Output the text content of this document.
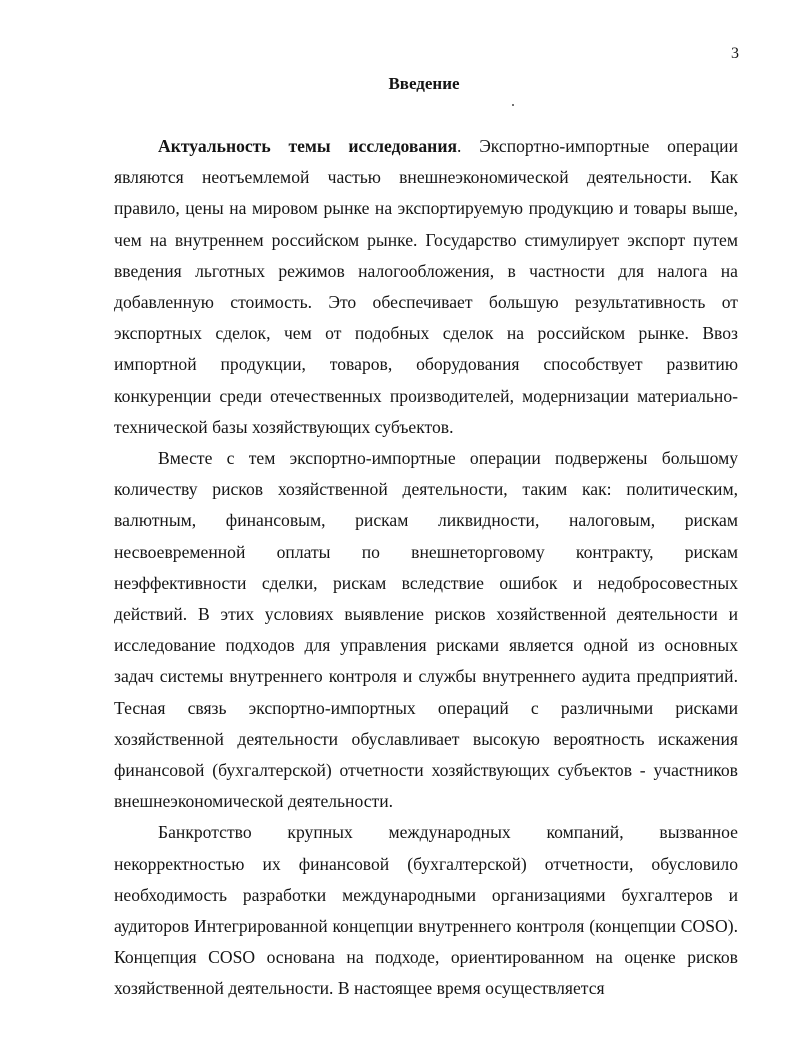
3
Введение

Актуальность темы исследования. Экспортно-импортные операции являются неотъемлемой частью внешнеэкономической деятельности. Как правило, цены на мировом рынке на экспортируемую продукцию и товары выше, чем на внутреннем российском рынке. Государство стимулирует экспорт путем введения льготных режимов налогообложения, в частности для налога на добавленную стоимость. Это обеспечивает большую результативность от экспортных сделок, чем от подобных сделок на российском рынке. Ввоз импортной продукции, товаров, оборудования способствует развитию конкуренции среди отечественных производителей, модернизации материально-технической базы хозяйствующих субъектов.

Вместе с тем экспортно-импортные операции подвержены большому количеству рисков хозяйственной деятельности, таким как: политическим, валютным, финансовым, рискам ликвидности, налоговым, рискам несвоевременной оплаты по внешнеторговому контракту, рискам неэффективности сделки, рискам вследствие ошибок и недобросовестных действий. В этих условиях выявление рисков хозяйственной деятельности и исследование подходов для управления рисками является одной из основных задач системы внутреннего контроля и службы внутреннего аудита предприятий. Тесная связь экспортно-импортных операций с различными рисками хозяйственной деятельности обуславливает высокую вероятность искажения финансовой (бухгалтерской) отчетности хозяйствующих субъектов - участников внешнеэкономической деятельности.

Банкротство крупных международных компаний, вызванное некорректностью их финансовой (бухгалтерской) отчетности, обусловило необходимость разработки международными организациями бухгалтеров и аудиторов Интегрированной концепции внутреннего контроля (концепции COSO). Концепция COSO основана на подходе, ориентированном на оценке рисков хозяйственной деятельности. В настоящее время осуществляется
